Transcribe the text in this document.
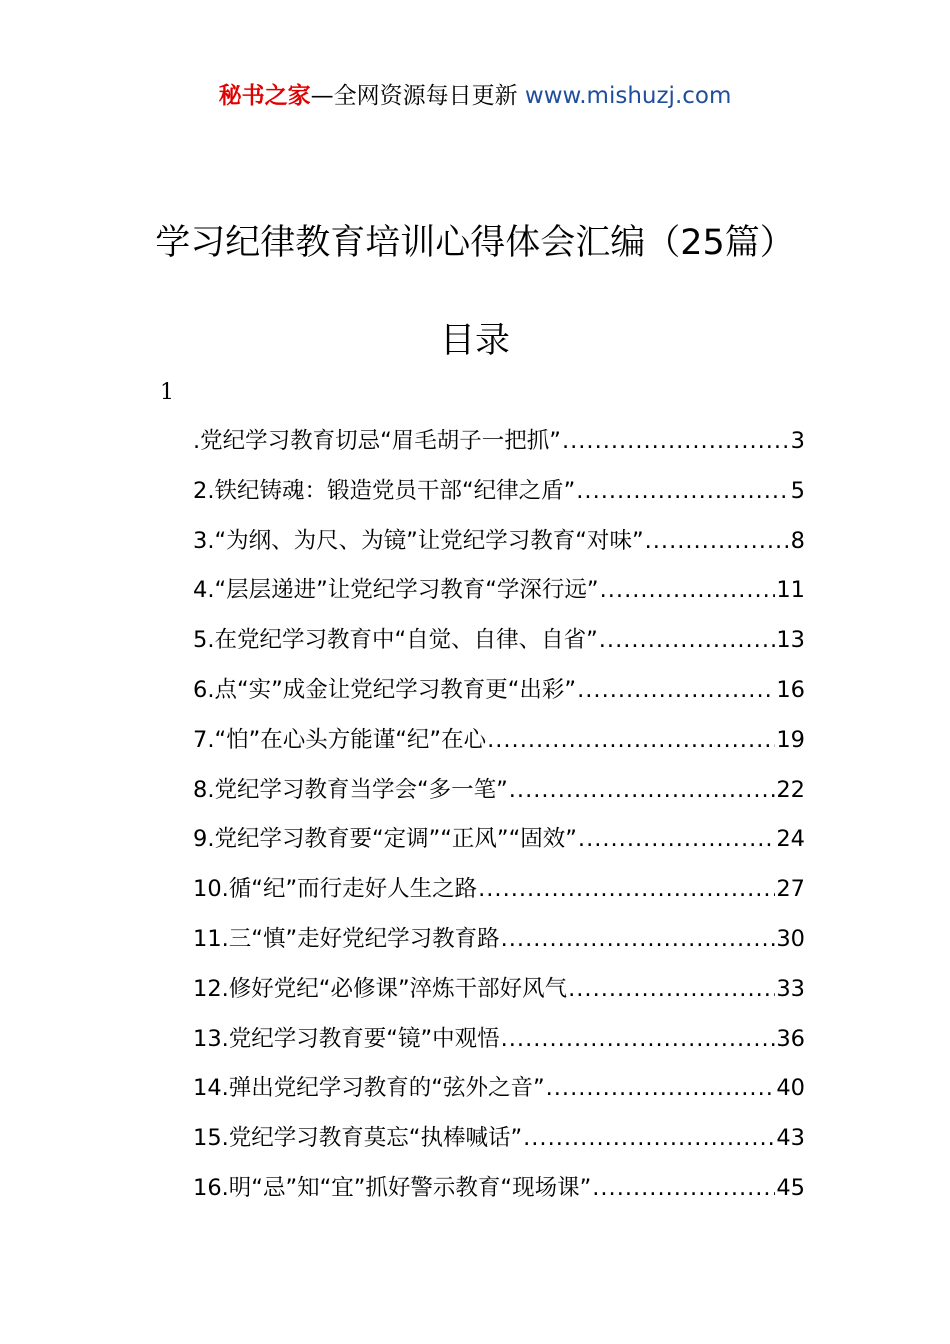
秘书之家—全网资源每日更新 www.mishuzj.com
学习纪律教育培训心得体会汇编（25篇）
目录
1
.党纪学习教育切忌“眉毛胡子一把抓” .....	3
2.铁纪铸魂：锻造党员干部“纪律之盾” .....	5
3.“为纲、为尺、为镜”让党纪学习教育“对味” .....	8
4.“层层递进”让党纪学习教育“学深行远” .....	11
5.在党纪学习教育中“自觉、自律、自省” .....	13
6.点“实”成金让党纪学习教育更“出彩” .....	16
7.“怕”在心头方能谨“纪”在心 .....	19
8.党纪学习教育当学会“多一笔” .....	22
9.党纪学习教育要“定调”“正风”“固效” .....	24
10.循“纪”而行走好人生之路 .....	27
11.三“慎”走好党纪学习教育路 .....	30
12.修好党纪“必修课”淬炼干部好风气 .....	33
13.党纪学习教育要“镜”中观悟 .....	36
14.弹出党纪学习教育的“弦外之音” .....	40
15.党纪学习教育莫忘“执棒喊话” .....	43
16.明“忌”知“宜”抓好警示教育“现场课” .....	45
